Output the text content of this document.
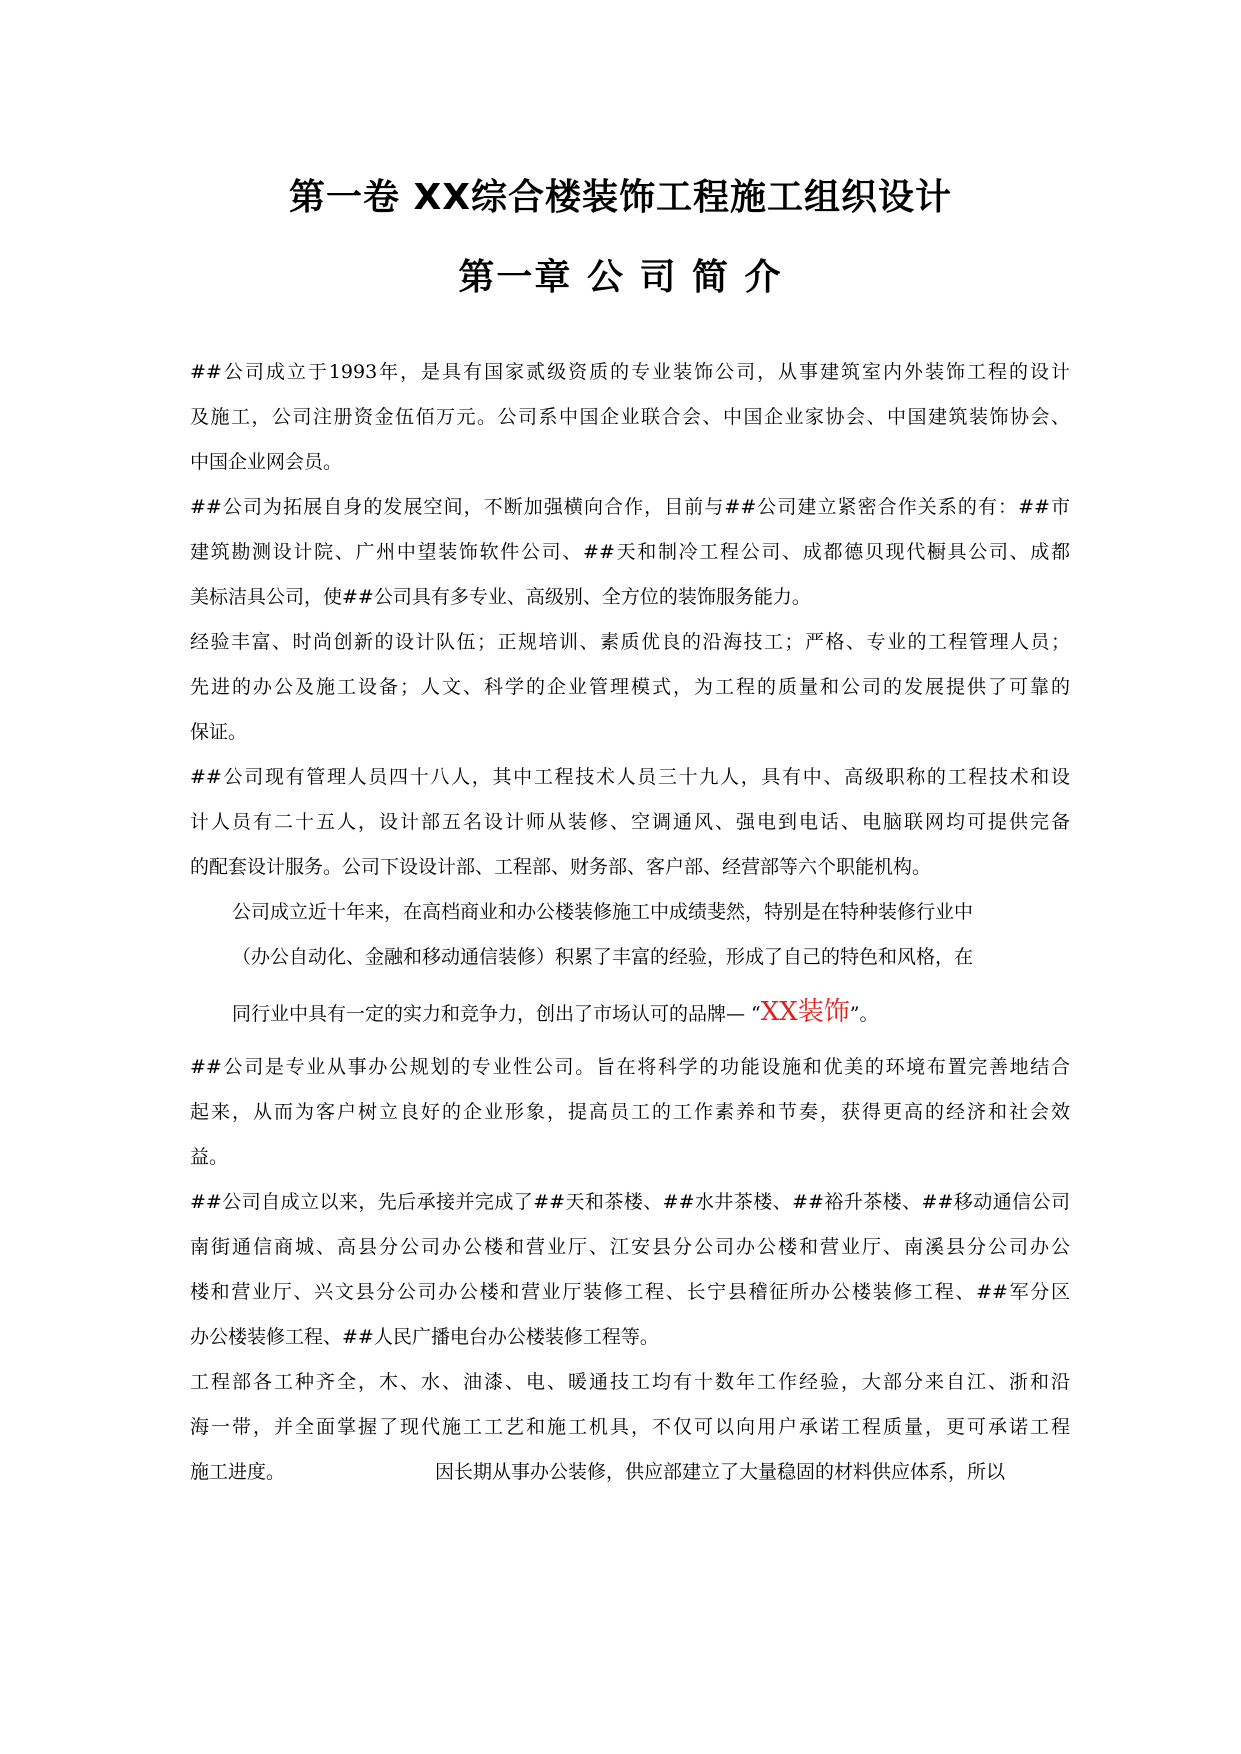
第一卷 XX综合楼装饰工程施工组织设计
第一章 公 司 简 介
##公司成立于1993年，是具有国家贰级资质的专业装饰公司，从事建筑室内外装饰工程的设计
及施工，公司注册资金伍佰万元。公司系中国企业联合会、中国企业家协会、中国建筑装饰协会、
中国企业网会员。
##公司为拓展自身的发展空间，不断加强横向合作，目前与##公司建立紧密合作关系的有：##市
建筑勘测设计院、广州中望装饰软件公司、##天和制冷工程公司、成都德贝现代橱具公司、成都
美标洁具公司，使##公司具有多专业、高级别、全方位的装饰服务能力。
经验丰富、时尚创新的设计队伍；正规培训、素质优良的沿海技工；严格、专业的工程管理人员；
先进的办公及施工设备；人文、科学的企业管理模式，为工程的质量和公司的发展提供了可靠的
保证。
##公司现有管理人员四十八人，其中工程技术人员三十九人，具有中、高级职称的工程技术和设
计人员有二十五人，设计部五名设计师从装修、空调通风、强电到电话、电脑联网均可提供完备
的配套设计服务。公司下设设计部、工程部、财务部、客户部、经营部等六个职能机构。
公司成立近十年来，在高档商业和办公楼装修施工中成绩斐然，特别是在特种装修行业中
（办公自动化、金融和移动通信装修）积累了丰富的经验，形成了自己的特色和风格，在
同行业中具有一定的实力和竞争力，创出了市场认可的品牌— “XX装饰”。
##公司是专业从事办公规划的专业性公司。旨在将科学的功能设施和优美的环境布置完善地结合
起来，从而为客户树立良好的企业形象，提高员工的工作素养和节奏，获得更高的经济和社会效
益。
##公司自成立以来，先后承接并完成了##天和茶楼、##水井茶楼、##裕升茶楼、##移动通信公司
南街通信商城、高县分公司办公楼和营业厅、江安县分公司办公楼和营业厅、南溪县分公司办公
楼和营业厅、兴文县分公司办公楼和营业厅装修工程、长宁县稽征所办公楼装修工程、##军分区
办公楼装修工程、##人民广播电台办公楼装修工程等。
工程部各工种齐全，木、水、油漆、电、暖通技工均有十数年工作经验，大部分来自江、浙和沿
海一带，并全面掌握了现代施工工艺和施工机具，不仅可以向用户承诺工程质量，更可承诺工程
施工进度。	因长期从事办公装修，供应部建立了大量稳固的材料供应体系，所以
